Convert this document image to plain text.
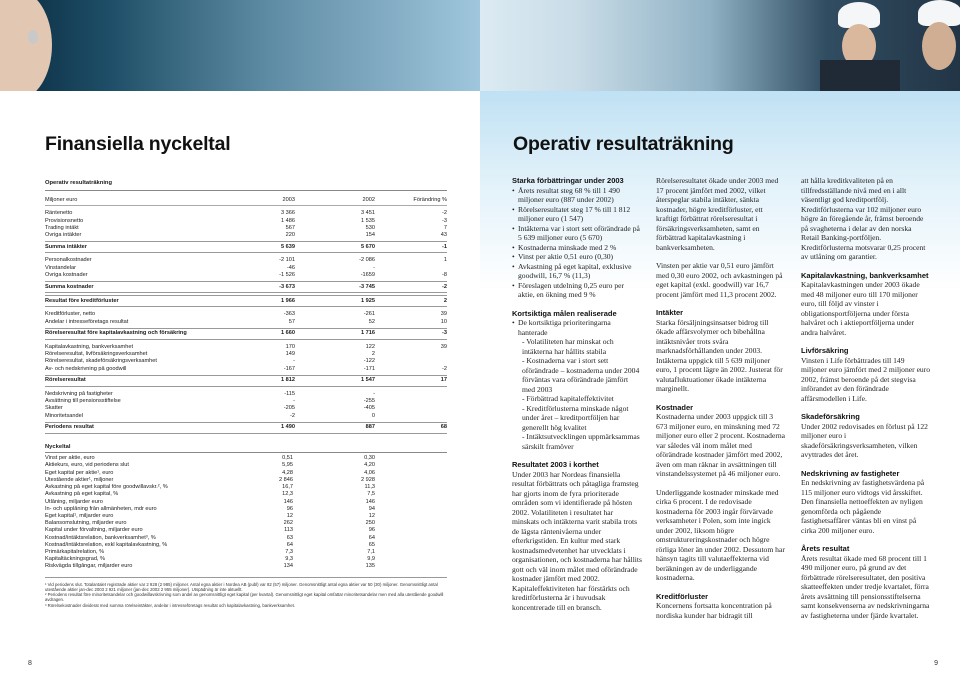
Finansiella nyckeltal
Operativ resultaträkning
Miljoner euro	2003	2002	Förändring %
Räntenetto	3 366	3 451	-2
Provisionsnetto	1 486	1 535	-3
Trading intäkt	567	530	7
Övriga intäkter	220	154	43
Summa intäkter	5 639	5 670	-1
Personalkostnader	-2 101	-2 086	1
Vinstandelar	-46	-
Övriga kostnader	-1 526	-1659	-8
Summa kostnader	-3 673	-3 745	-2
Resultat före kreditförluster	1 966	1 925	2
Kreditförluster, netto	-363	-261	39
Andelar i intresseföretags resultat	57	52	10
Rörelseresultat före kapitalavkastning och försäkring	1 660	1 716	-3
Kapitalavkastning, bankverksamhet	170	122	39
Rörelseresultat, livförsäkringsverksamhet	149	2
Rörelseresultat, skadeförsäkringsverksamhet	-	-122
Av- och nedskrivning på goodwill	-167	-171	-2
Rörelseresultat	1 812	1 547	17
Nedskrivning på fastigheter	-115	-
Avsättning till pensionsstiftelse	-	-255
Skatter	-205	-405
Minoritetsandel	-2	0
Periodens resultat	1 490	887	68
Nyckeltal
Vinst per aktie, euro	0,51	0,30
Aktiekurs, euro, vid periodens slut	5,95	4,20
Eget kapital per aktie¹, euro	4,28	4,06
Utestående aktier¹, miljoner	2 846	2 928
Avkastning på eget kapital före goodwillavskr.², %	16,7	11,3
Avkastning på eget kapital, %	12,3	7,5
Utlåning, miljarder euro	146	146
In- och upplåning från allmänheten, mdr euro	96	94
Eget kapital¹, miljarder euro	12	12
Balansomslutning, miljarder euro	262	250
Kapital under förvaltning, miljarder euro	113	96
Kostnad/intäktsrelation, bankverksamhet³, %	63	64
Kostnad/intäktsrelation, exkl kapitalavkastning, %	64	65
Primärkapitalrelation, %	7,3	7,1
Kapitaltäckningsgrad, %	9,3	9,9
Riskvägda tillgångar, miljarder euro	134	135
¹ Vid periodens slut. Totalantalet registrade aktier var 2 928 (2 985) miljoner. Antal egna aktier i Nordea AB (publ) var 82 (57) miljoner. Genomsnittligt antal egna aktier var 50 (30) miljoner. Genomsnittligt antal utestående aktier jan-dec 2003 2 921 miljoner (jan-dec 2002 2 955 miljoner). Utspädning är inte aktuellt.
² Periodens resultat före minoritetsandelar och goodwillavskrivning som andel av genomsnittligt eget kapital (per kvartal). Genomsnittligt eget kapital omfattar minoritetsandelar men med alla utestående goodwill avdragen.
³ Rörelsekostnader dividerat med summa rörelseintäkter, andelar i intresseföretags resultat och kapitalavkastning, bankverksamhet.
8
Operativ resultaträkning
Starka förbättringar under 2003
• Årets resultat steg 68 % till 1 490 miljoner euro (887 under 2002)
• Rörelseresultatet steg 17 % till 1 812 miljoner euro (1 547)
• Intäkterna var i stort sett oförändrade på 5 639 miljoner euro (5 670)
• Kostnaderna minskade med 2 %
• Vinst per aktie 0,51 euro (0,30)
• Avkastning på eget kapital, exklusive goodwill, 16,7 % (11,3)
• Föreslagen utdelning 0,25 euro per aktie, en ökning med 9 %
Kortsiktiga målen realiserade
• De kortsiktiga prioriteringarna hanterade
- Volatiliteten har minskat och intäkterna har hållits stabila
- Kostnaderna var i stort sett oförändrade – kostnaderna under 2004 förväntas vara oförändrade jämfört med 2003
- Förbättrad kapitaleffektivitet
- Kreditförlusterna minskade något under året – kreditportföljen har generellt hög kvalitet
- Intäktsutvecklingen uppmärksammas särskilt framöver
Resultatet 2003 i korthet

Under 2003 har Nordeas finansiella resultat förbättrats och påtagliga framsteg har gjorts inom de fyra prioriterade områden som vi identifierade på hösten 2002. Volatiliteten i resultatet har minskats och intäkterna varit stabila trots de lägsta räntenivåerna under efterkrigstiden. En kultur med stark kostnadsmedvetenhet har utvecklats i organisationen, och kostnaderna har hållits gott och väl inom målet med oförändrade kostnader jämfört med 2002. Kapitaleffektiviteten har förstärkts och kreditförlusterna är i huvudsak koncentrerade till en bransch.

Rörelseresultatet ökade under 2003 med 17 procent jämfört med 2002, vilket återspeglar stabila intäkter, sänkta kostnader, högre kreditförluster, ett kraftigt förbättrat rörelseresultat i försäkringsverksamheten, samt en förbättrad kapitalavkastning i bankverksamheten.

Vinsten per aktie var 0,51 euro jämfört med 0,30 euro 2002, och avkastningen på eget kapital (exkl. goodwill) var 16,7 procent jämfört med 11,3 procent 2002.

Intäkter

Starka försäljningsinsatser bidrog till ökade affärsvolymer och bibehållna intäktsnivåer trots svåra marknadsförhållanden under 2003. Intäkterna uppgick till 5 639 miljoner euro, 1 procent lägre än 2002. Justerat för valutafluktuationer ökade intäkterna marginellt.

Kostnader

Kostnaderna under 2003 uppgick till 3 673 miljoner euro, en minskning med 72 miljoner euro eller 2 procent. Kostnaderna var således väl inom målet med oförändrade kostnader jämfört med 2002, även om man räknar in avsättningen till vinstandelssystemet på 46 miljoner euro.

Underliggande kostnader minskade med cirka 6 procent. I de redovisade kostnaderna för 2003 ingår förvärvade verksamheter i Polen, som inte ingick under 2002, liksom högre omstruktureringskostnader och högre rörliga löner än under 2002. Dessutom har hänsyn tagits till valutaeffekterna vid beräkningen av de underliggande kostnaderna.

Kreditförluster

Koncernens fortsatta koncentration på nordiska kunder har bidragit till

att hålla kreditkvaliteten på en tillfredsställande nivå med en i allt väsentligt god kreditportfölj. Kreditförlusterna var 102 miljoner euro högre än föregående år, främst beroende på svagheterna i delar av den norska Retail Banking-portföljen. Kreditförlusterna motsvarar 0,25 procent av utlåning om garantier.

Kapitalavkastning, bankverksamhet

Kapitalavkastningen under 2003 ökade med 48 miljoner euro till 170 miljoner euro, till följd av vinster i obligationsportföljerna under första halvåret och i aktieportföljerna under andra halvåret.

Livförsäkring

Vinsten i Life förbättrades till 149 miljoner euro jämfört med 2 miljoner euro 2002, främst beroende på det stegvisa införandet av den förändrade affärsmodellen i Life.

Skadeförsäkring

Under 2002 redovisades en förlust på 122 miljoner euro i skadeförsäkringsverksamheten, vilken avyttrades det året.

Nedskrivning av fastigheter

En nedskrivning av fastighetsvärdena på 115 miljoner euro vidtogs vid årsskiftet. Den finansiella nettoeffekten av nyligen genomförda och pågående fastighetsaffärer väntas bli en vinst på cirka 200 miljoner euro.

Årets resultat

Årets resultat ökade med 68 procent till 1 490 miljoner euro, på grund av det förbättrade rörelseresultatet, den positiva skatteeffekten under tredje kvartalet, förra årets avsättning till pensionsstiftelserna samt konsekvenserna av nedskrivningarna av fastigheterna under fjärde kvartalet.

9
